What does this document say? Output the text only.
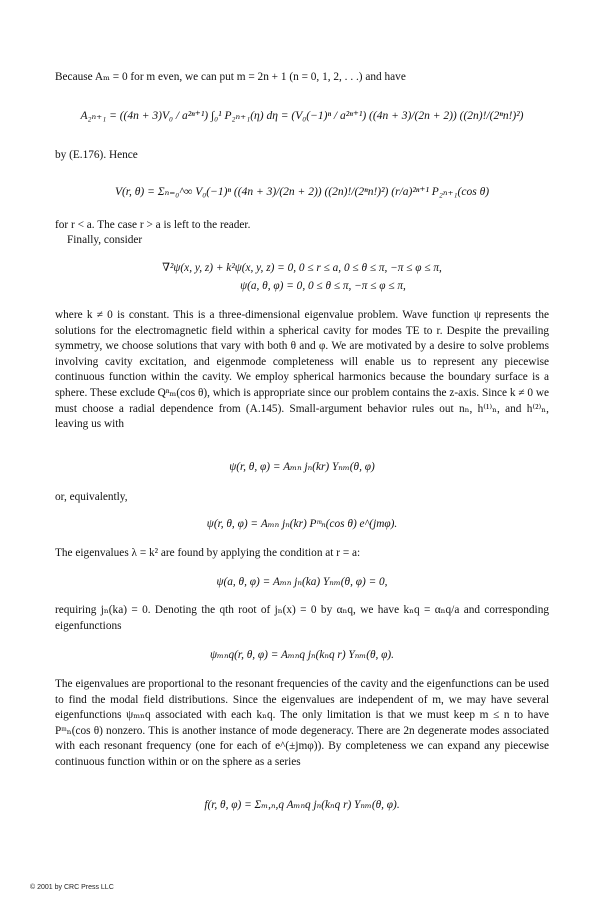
Because Aₘ = 0 for m even, we can put m = 2n + 1 (n = 0, 1, 2, . . .) and have

A₂ₙ₊₁ = ((4n + 3)V₀ / a²ⁿ⁺¹) ∫₀¹ P₂ₙ₊₁(η) dη = (V₀(−1)ⁿ / a²ⁿ⁺¹) ((4n + 3)/(2n + 2)) ((2n)!/(2ⁿn!)²)

by (E.176). Hence

V(r, θ) = Σₙ₌₀^∞ V₀(−1)ⁿ ((4n + 3)/(2n + 2)) ((2n)!/(2ⁿn!)²) (r/a)²ⁿ⁺¹ P₂ₙ₊₁(cos θ)

for r < a. The case r > a is left to the reader.

Finally, consider

∇²ψ(x, y, z) + k²ψ(x, y, z) = 0, 0 ≤ r ≤ a, 0 ≤ θ ≤ π, −π ≤ φ ≤ π,
ψ(a, θ, φ) = 0, 0 ≤ θ ≤ π, −π ≤ φ ≤ π,

where k ≠ 0 is constant. This is a three-dimensional eigenvalue problem. Wave function ψ represents the solutions for the electromagnetic field within a spherical cavity for modes TE to r. Despite the prevailing symmetry, we choose solutions that vary with both θ and φ. We are motivated by a desire to solve problems involving cavity excitation, and eigenmode completeness will enable us to represent any piecewise continuous function within the cavity. We employ spherical harmonics because the boundary surface is a sphere. These exclude Qⁿₘ(cos θ), which is appropriate since our problem contains the z-axis. Since k ≠ 0 we must choose a radial dependence from (A.145). Small-argument behavior rules out nₙ, h⁽¹⁾ₙ, and h⁽²⁾ₙ, leaving us with

ψ(r, θ, φ) = Aₘₙ jₙ(kr) Yₙₘ(θ, φ)

or, equivalently,

ψ(r, θ, φ) = Aₘₙ jₙ(kr) Pᵐₙ(cos θ) e^(jmφ).

The eigenvalues λ = k² are found by applying the condition at r = a:

ψ(a, θ, φ) = Aₘₙ jₙ(ka) Yₙₘ(θ, φ) = 0,

requiring jₙ(ka) = 0. Denoting the qth root of jₙ(x) = 0 by αₙq, we have kₙq = αₙq/a and corresponding eigenfunctions

ψₘₙq(r, θ, φ) = Aₘₙq jₙ(kₙq r) Yₙₘ(θ, φ).

The eigenvalues are proportional to the resonant frequencies of the cavity and the eigenfunctions can be used to find the modal field distributions. Since the eigenvalues are independent of m, we may have several eigenfunctions ψₘₙq associated with each kₙq. The only limitation is that we must keep m ≤ n to have Pᵐₙ(cos θ) nonzero. This is another instance of mode degeneracy. There are 2n degenerate modes associated with each resonant frequency (one for each of e^(±jmφ)). By completeness we can expand any piecewise continuous function within or on the sphere as a series

f(r, θ, φ) = Σₘ,ₙ,q Aₘₙq jₙ(kₙq r) Yₙₘ(θ, φ).
© 2001 by CRC Press LLC
